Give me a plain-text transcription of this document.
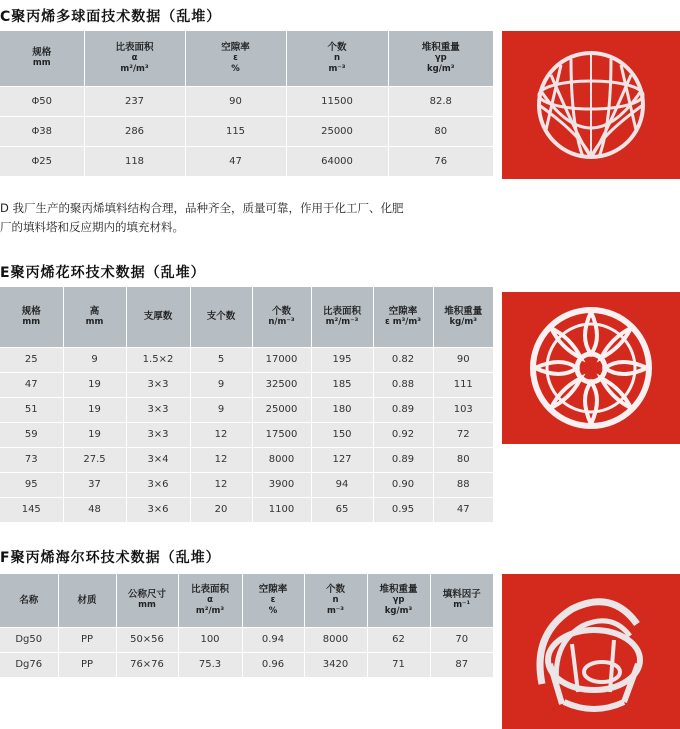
C聚丙烯多球面技术数据（乱堆）
规格
mm	比表面积
α
m²/m³	空隙率
ε
%	个数
n
m⁻³	堆积重量
γp
kg/m³

Φ50	237	90	11500	82.8
Φ38	286	115	25000	80
Φ25	118	47	64000	76
D 我厂生产的聚丙烯填料结构合理，品种齐全，质量可靠，作用于化工厂、化肥
厂的填料塔和反应期内的填充材料。
E聚丙烯花环技术数据（乱堆）
规格
mm	高
mm	支厚数	支个数	个数
n/m⁻³	比表面积
m²/m⁻³	空隙率
ε m³/m³	堆积重量
kg/m³

25	9	1.5×2	5	17000	195	0.82	90
47	19	3×3	9	32500	185	0.88	111
51	19	3×3	9	25000	180	0.89	103
59	19	3×3	12	17500	150	0.92	72
73	27.5	3×4	12	8000	127	0.89	80
95	37	3×6	12	3900	94	0.90	88
145	48	3×6	20	1100	65	0.95	47
F聚丙烯海尔环技术数据（乱堆）
名称	材质	公称尺寸
mm	比表面积
α
m²/m³	空隙率
ε
%	个数
n
m⁻³	堆积重量
γp
kg/m³	填料因子
m⁻¹

Dg50	PP	50×56	100	0.94	8000	62	70
Dg76	PP	76×76	75.3	0.96	3420	71	87
